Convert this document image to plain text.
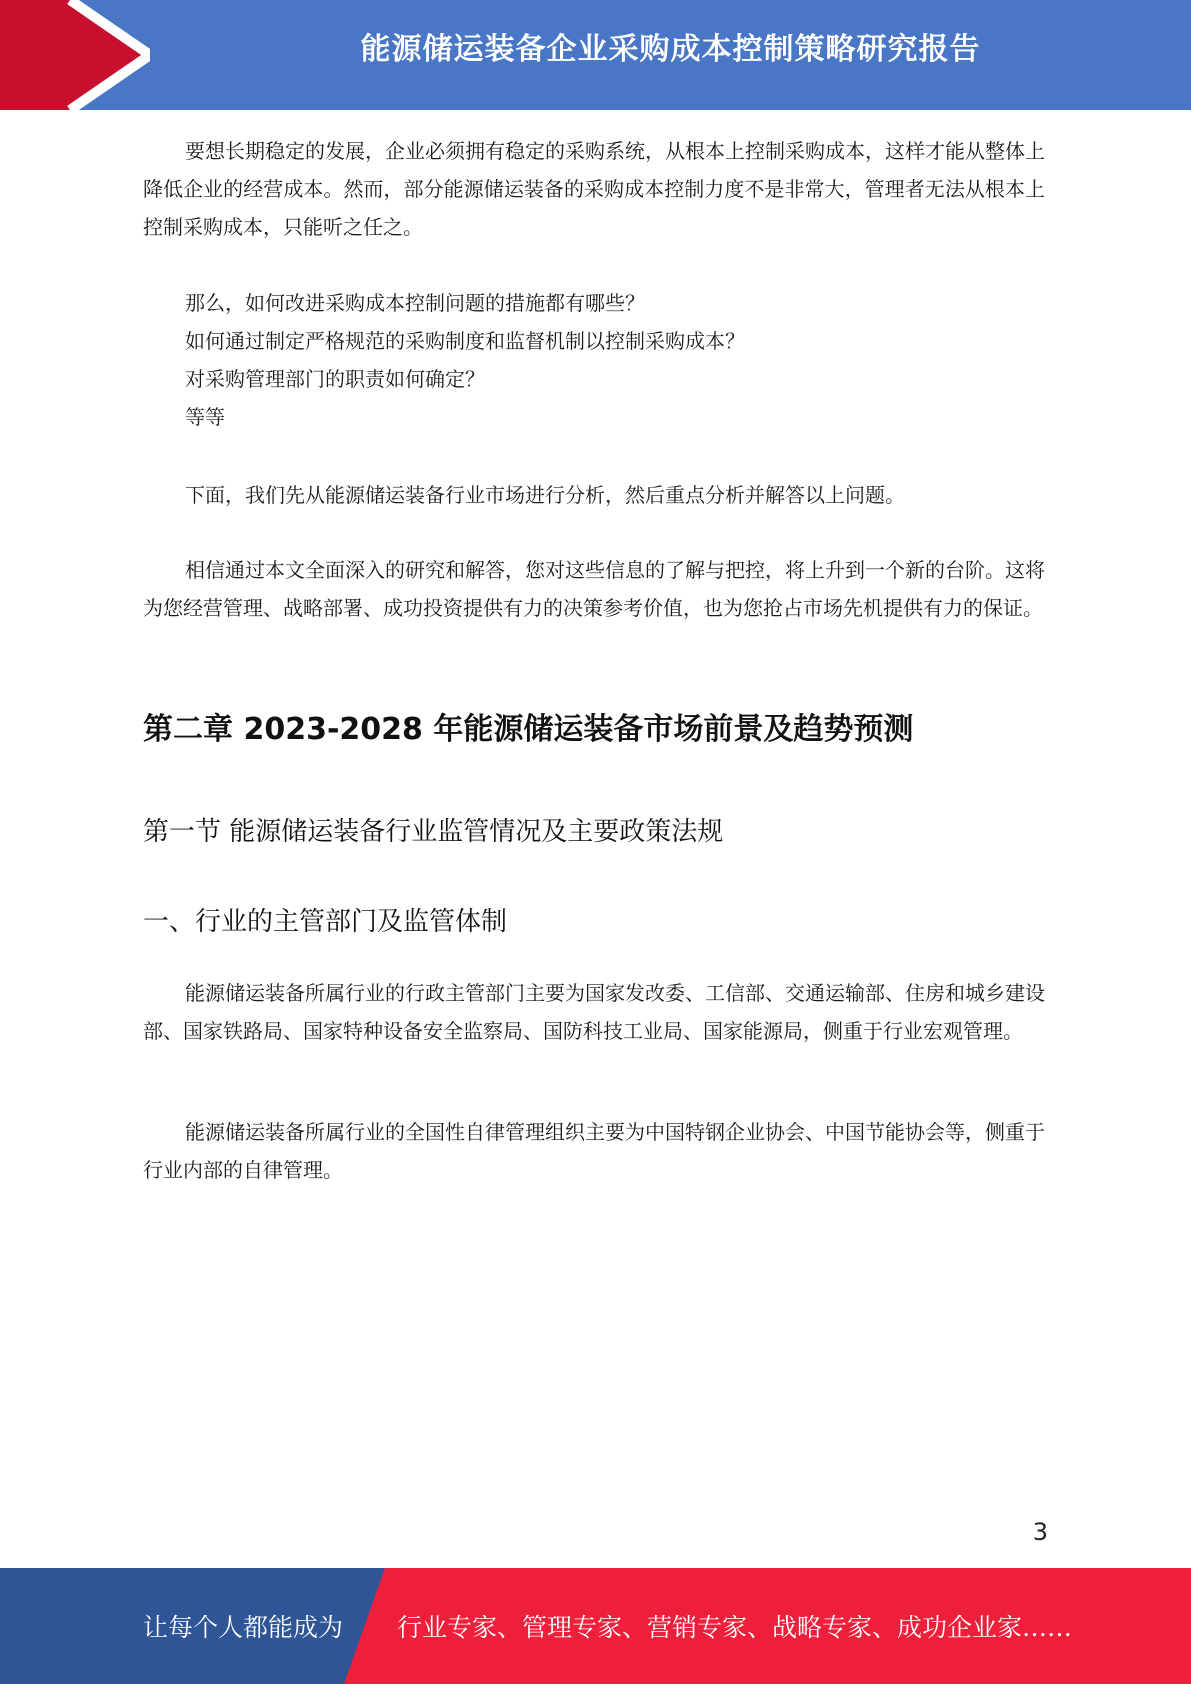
能源储运装备企业采购成本控制策略研究报告

要想长期稳定的发展，企业必须拥有稳定的采购系统，从根本上控制采购成本，这样才能从整体上降低企业的经营成本。然而，部分能源储运装备的采购成本控制力度不是非常大，管理者无法从根本上控制采购成本，只能听之任之。

那么，如何改进采购成本控制问题的措施都有哪些？

如何通过制定严格规范的采购制度和监督机制以控制采购成本？

对采购管理部门的职责如何确定？

等等

下面，我们先从能源储运装备行业市场进行分析，然后重点分析并解答以上问题。

相信通过本文全面深入的研究和解答，您对这些信息的了解与把控，将上升到一个新的台阶。这将为您经营管理、战略部署、成功投资提供有力的决策参考价值，也为您抢占市场先机提供有力的保证。

第二章 2023-2028 年能源储运装备市场前景及趋势预测
第一节 能源储运装备行业监管情况及主要政策法规
一、行业的主管部门及监管体制

能源储运装备所属行业的行政主管部门主要为国家发改委、工信部、交通运输部、住房和城乡建设部、国家铁路局、国家特种设备安全监察局、国防科技工业局、国家能源局，侧重于行业宏观管理。

能源储运装备所属行业的全国性自律管理组织主要为中国特钢企业协会、中国节能协会等，侧重于行业内部的自律管理。

3
让每个人都能成为 行业专家、管理专家、营销专家、战略专家、成功企业家……
